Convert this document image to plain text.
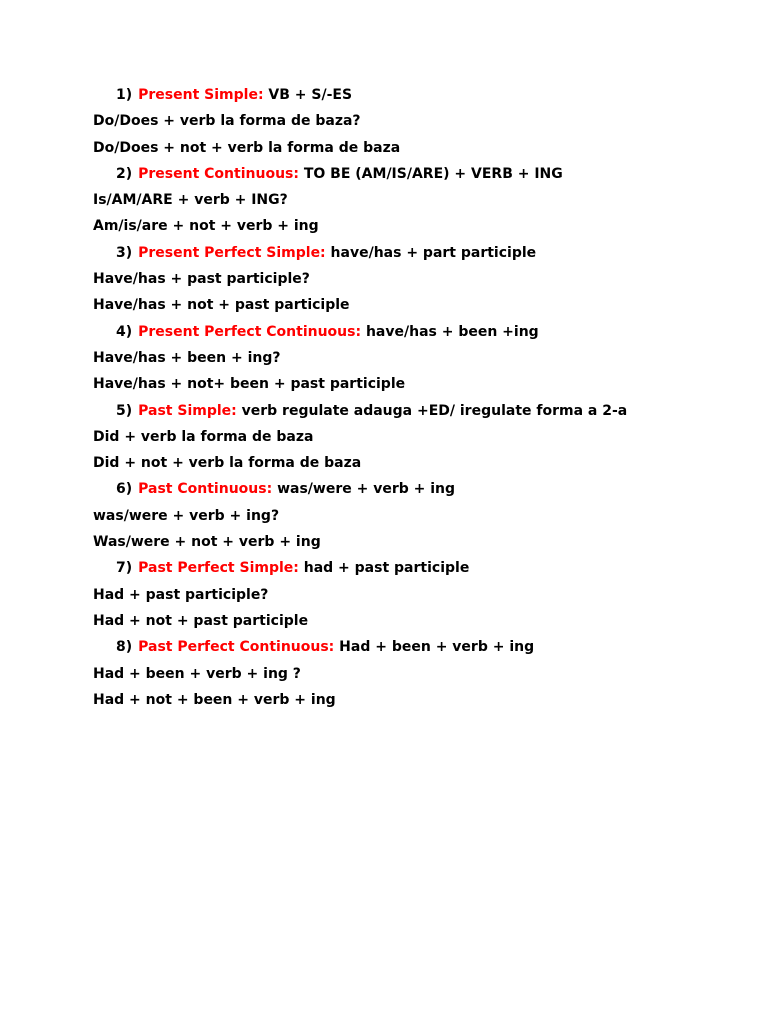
1) Present Simple: VB + S/-ES
Do/Does + verb la forma de baza?
Do/Does + not + verb la forma de baza
2) Present Continuous: TO BE (AM/IS/ARE) + VERB + ING
Is/AM/ARE + verb + ING?
Am/is/are + not + verb + ing
3) Present Perfect Simple: have/has + part participle
Have/has + past participle?
Have/has + not + past participle
4) Present Perfect Continuous: have/has + been +ing
Have/has + been + ing?
Have/has + not+ been + past participle
5) Past Simple: verb regulate adauga +ED/ iregulate forma a 2-a
Did + verb la forma de baza
Did + not + verb la forma de baza
6) Past Continuous: was/were + verb + ing
was/were + verb + ing?
Was/were + not + verb + ing
7) Past Perfect Simple: had + past participle
Had + past participle?
Had + not + past participle
8) Past Perfect Continuous: Had + been + verb + ing
Had + been + verb + ing ?
Had + not + been + verb + ing
